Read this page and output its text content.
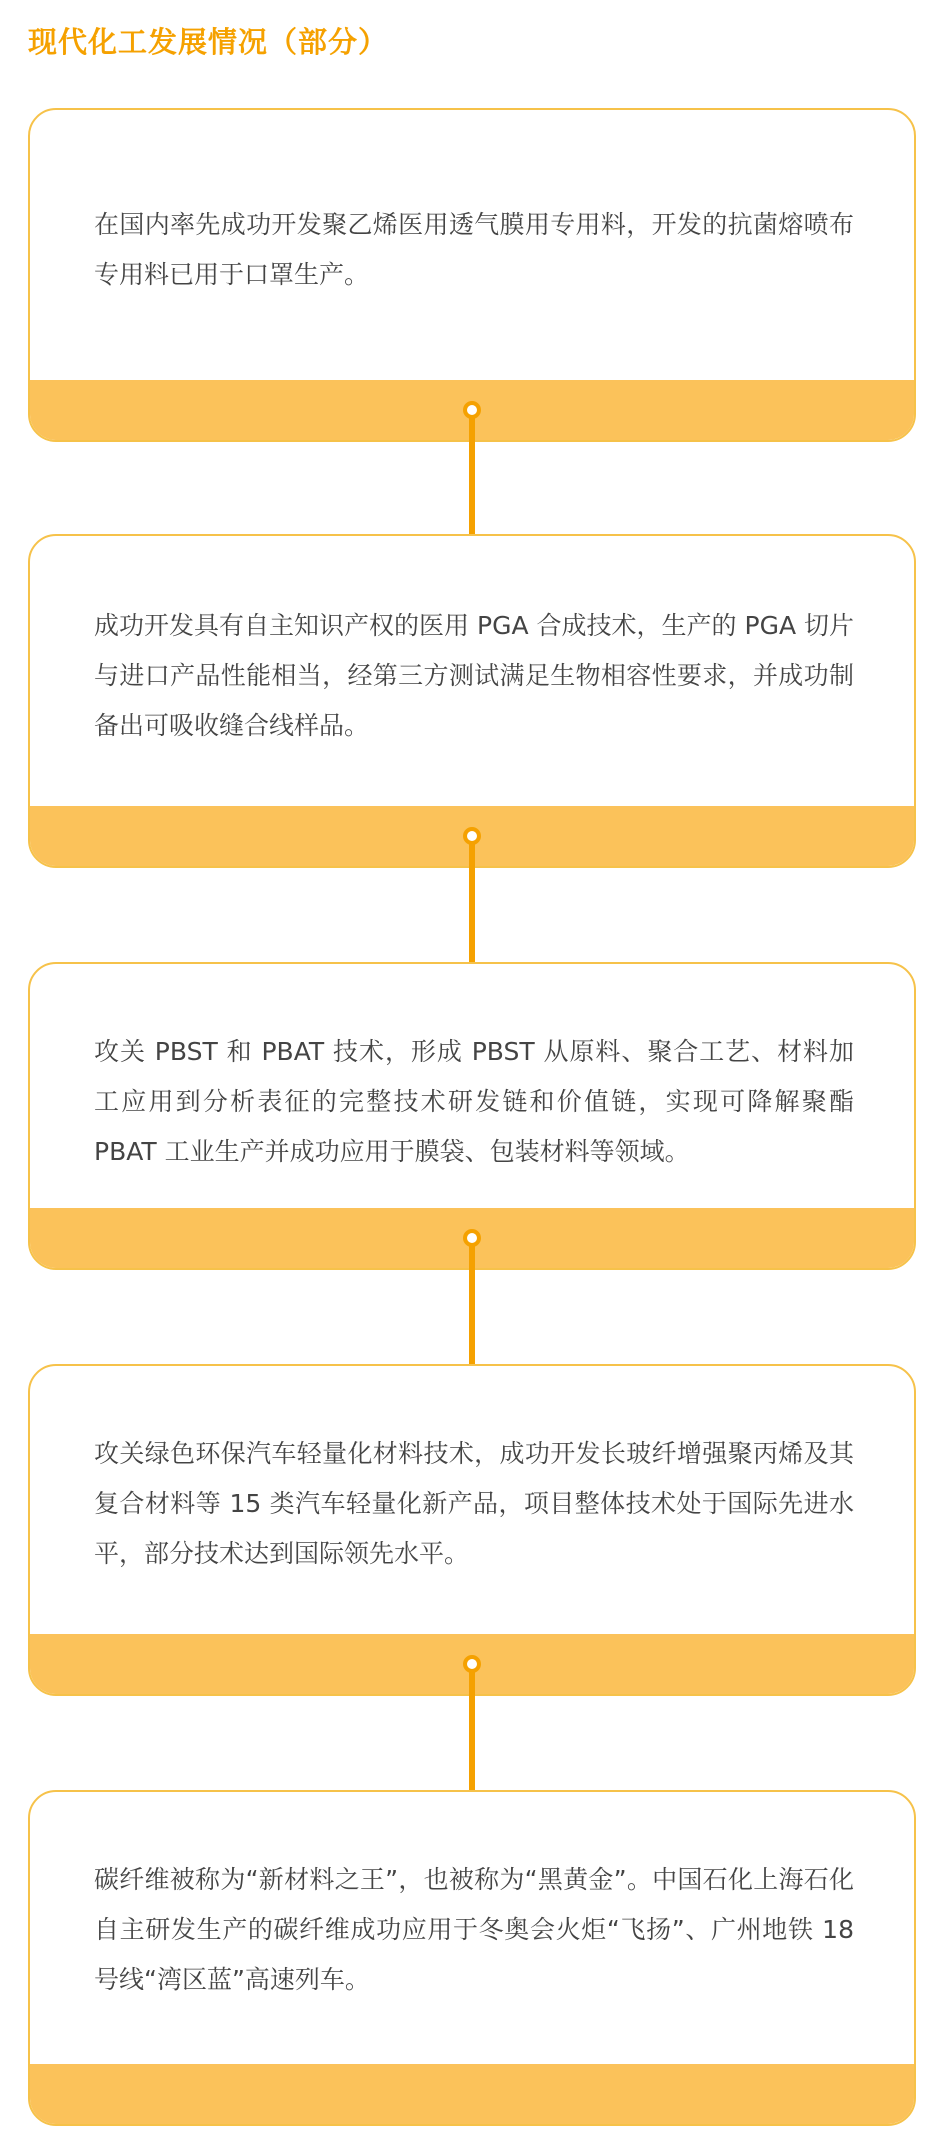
现代化工发展情况（部分）
在国内率先成功开发聚乙烯医用透气膜用专用料，开发的抗菌熔喷布专用料已用于口罩生产。
成功开发具有自主知识产权的医用 PGA 合成技术，生产的 PGA 切片与进口产品性能相当，经第三方测试满足生物相容性要求，并成功制备出可吸收缝合线样品。
攻关 PBST 和 PBAT 技术，形成 PBST 从原料、聚合工艺、材料加工应用到分析表征的完整技术研发链和价值链，实现可降解聚酯 PBAT 工业生产并成功应用于膜袋、包装材料等领域。
攻关绿色环保汽车轻量化材料技术，成功开发长玻纤增强聚丙烯及其复合材料等 15 类汽车轻量化新产品，项目整体技术处于国际先进水平，部分技术达到国际领先水平。
碳纤维被称为“新材料之王”，也被称为“黑黄金”。中国石化上海石化自主研发生产的碳纤维成功应用于冬奥会火炬“飞扬”、广州地铁 18 号线“湾区蓝”高速列车。
